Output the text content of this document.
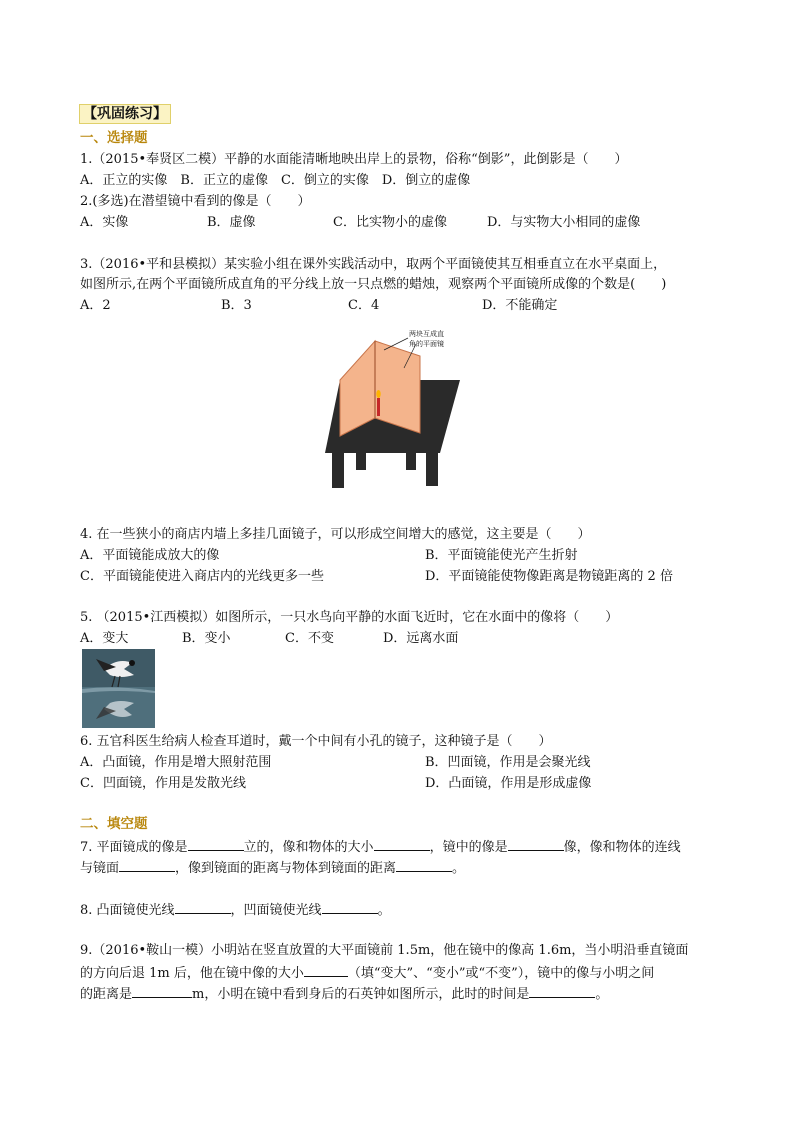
【巩固练习】
一、选择题
1.（2015•奉贤区二模）平静的水面能清晰地映出岸上的景物，俗称“倒影”，此倒影是（　　）
A．正立的实像　B．正立的虚像　C．倒立的实像　D．倒立的虚像
2.(多选)在潜望镜中看到的像是（　　）
A．实像	B．虚像	C．比实物小的虚像	D．与实物大小相同的虚像
3.（2016•平和县模拟）某实验小组在课外实践活动中，取两个平面镜使其互相垂直立在水平桌面上，
如图所示,在两个平面镜所成直角的平分线上放一只点燃的蜡烛，观察两个平面镜所成像的个数是(　　)
A．2	B．3	C．4	D．不能确定
两块互成直
角的平面镜
4. 在一些狭小的商店内墙上多挂几面镜子，可以形成空间增大的感觉，这主要是（　　）
A．平面镜能成放大的像	B．平面镜能使光产生折射
C．平面镜能使进入商店内的光线更多一些	D．平面镜能使物像距离是物镜距离的 2 倍
5. （2015•江西模拟）如图所示，一只水鸟向平静的水面飞近时，它在水面中的像将（　　）
A．变大	B．变小	C．不变	D．远离水面
6. 五官科医生给病人检查耳道时，戴一个中间有小孔的镜子，这种镜子是（　　）
A．凸面镜，作用是增大照射范围	B．凹面镜，作用是会聚光线
C．凹面镜，作用是发散光线	D．凸面镜，作用是形成虚像
二、填空题
7. 平面镜成的像是	立的，像和物体的大小	，镜中的像是	像，像和物体的连线
与镜面	，像到镜面的距离与物体到镜面的距离	。
8. 凸面镜使光线	，凹面镜使光线	。
9.（2016•鞍山一模）小明站在竖直放置的大平面镜前 1.5m，他在镜中的像高 1.6m，当小明沿垂直镜面
的方向后退 1m 后，他在镜中像的大小	（填“变大”、“变小”或“不变”），镜中的像与小明之间
的距离是	m，小明在镜中看到身后的石英钟如图所示，此时的时间是	。
